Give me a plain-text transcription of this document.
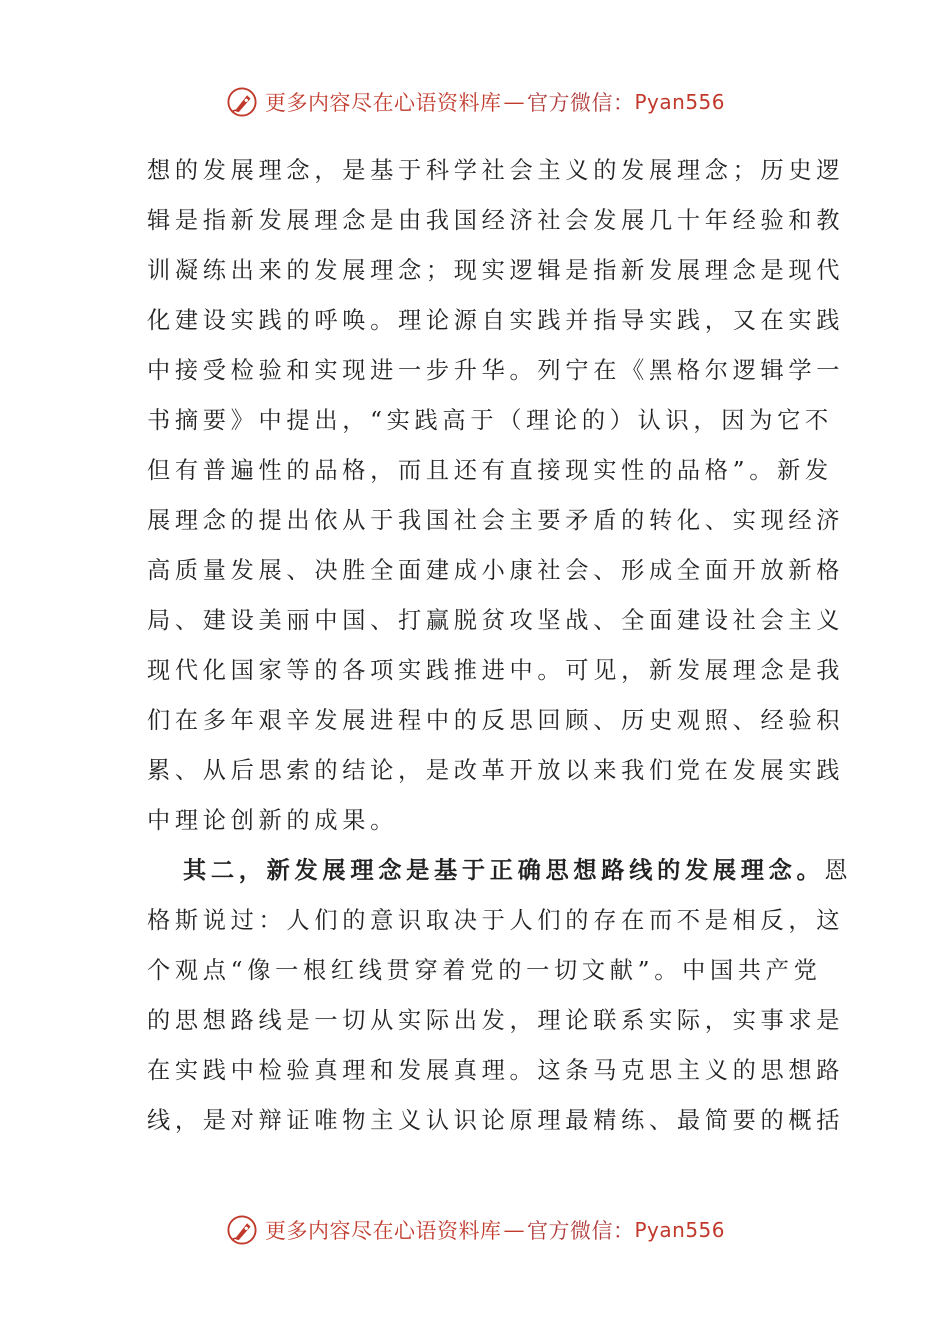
更多内容尽在心语资料库 — 官方微信： Pyan556
想的发展理念，是基于科学社会主义的发展理念；历史逻
辑是指新发展理念是由我国经济社会发展几十年经验和教
训凝练出来的发展理念；现实逻辑是指新发展理念是现代
化建设实践的呼唤。理论源自实践并指导实践，又在实践
中接受检验和实现进一步升华。列宁在《黑格尔逻辑学一
书摘要》中提出，“实践高于（理论的）认识，因为它不
但有普遍性的品格，而且还有直接现实性的品格”。新发
展理念的提出依从于我国社会主要矛盾的转化、实现经济
高质量发展、决胜全面建成小康社会、形成全面开放新格
局、建设美丽中国、打赢脱贫攻坚战、全面建设社会主义
现代化国家等的各项实践推进中。可见，新发展理念是我
们在多年艰辛发展进程中的反思回顾、历史观照、经验积
累、从后思索的结论，是改革开放以来我们党在发展实践
中理论创新的成果。
其二，新发展理念是基于正确思想路线的发展理念。恩
格斯说过：人们的意识取决于人们的存在而不是相反，这
个观点“像一根红线贯穿着党的一切文献”。中国共产党
的思想路线是一切从实际出发，理论联系实际，实事求是
在实践中检验真理和发展真理。这条马克思主义的思想路
线，是对辩证唯物主义认识论原理最精练、最简要的概括
更多内容尽在心语资料库 — 官方微信： Pyan556
